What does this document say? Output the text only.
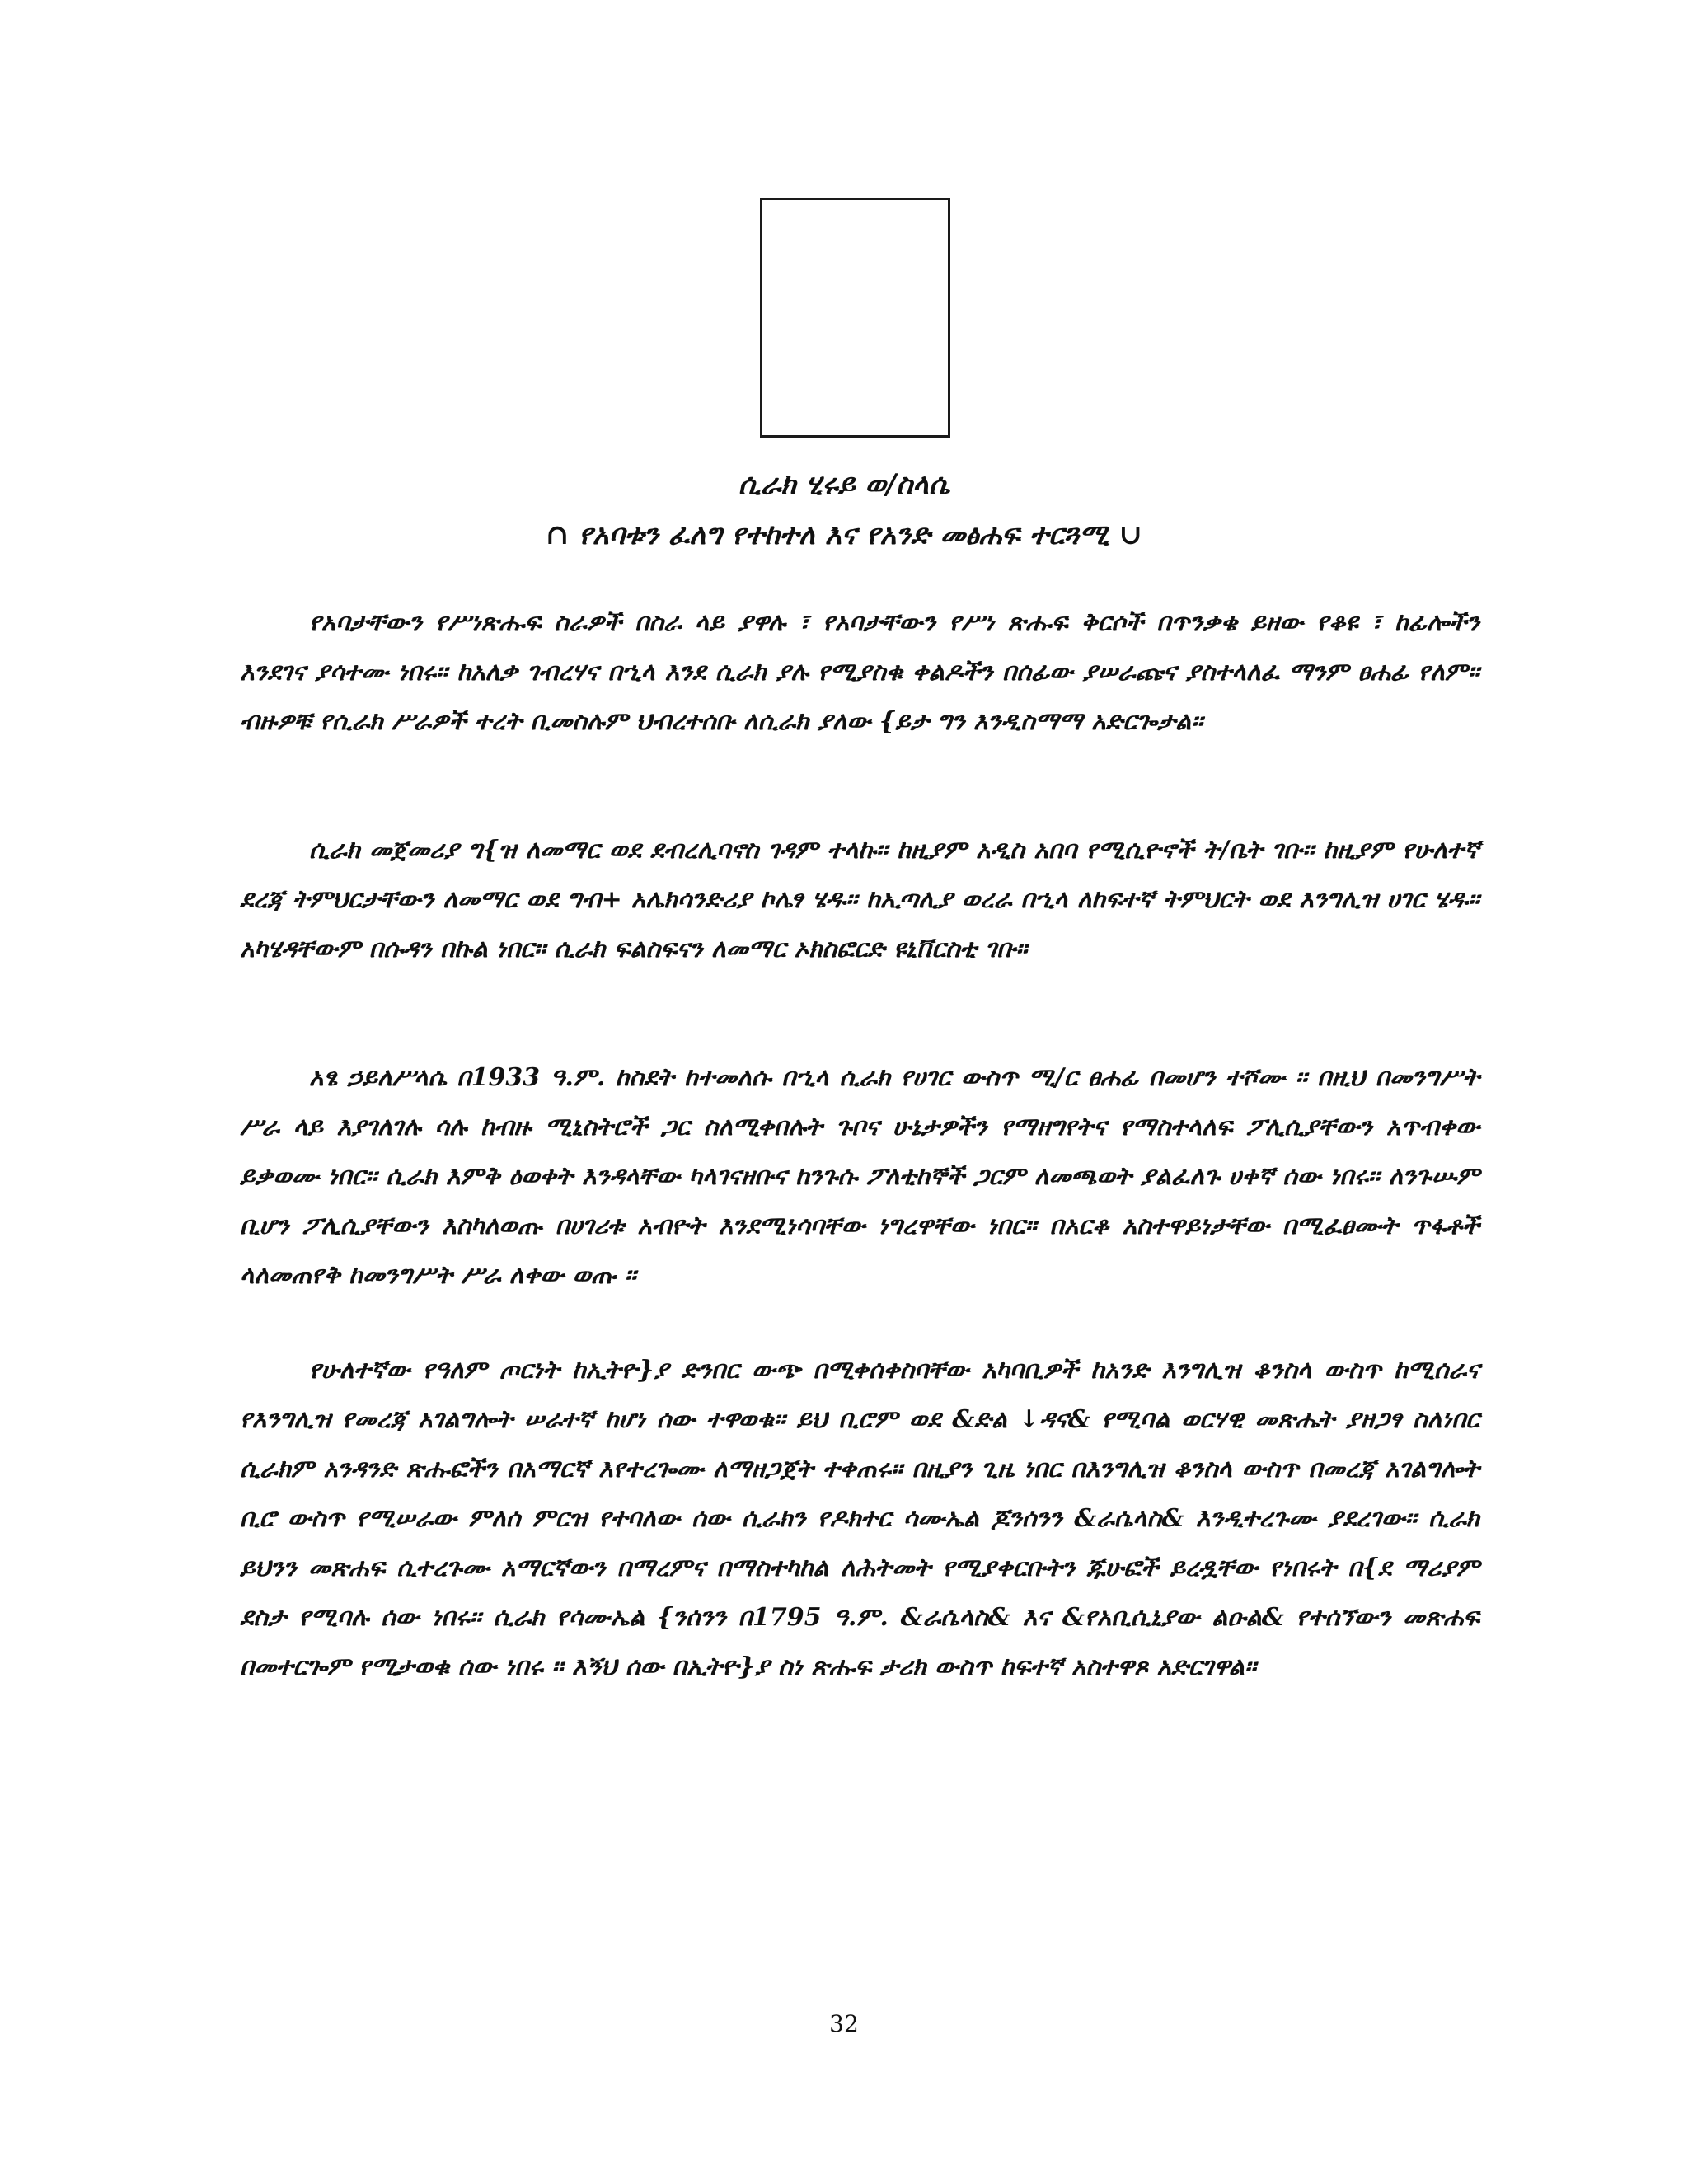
ሲራክ ሂሩይ ወ/ስላሴ
∩ የአባቱን ፈለግ የተከተለ እና የአንድ መፅሐፍ ተርጓሚ ∪

የአባታቸውን የሥነጽሑፍ ስራዎች በስራ ላይ ያዋሉ ፣ የአባታቸውን የሥነ ጽሑፍ ቅርሶች በጥንቃቄ ይዘው የቆዩ ፣ ከፊሎችን እንደገና ያሳተሙ ነበሩ፡፡ ከአለቃ ገብረሃና በኂላ እንደ ሲራክ ያሉ የሚያስቁ ቀልዶችን በሰፊው ያሠራጩና ያስተላለፈ ማንም ፀሐፊ የለም፡፡ ብዙዎቹ የሲራክ ሥራዎች ተረት ቢመስሉም ህብረተሰቡ ለሲራክ ያለው {ይታ ግን እንዲስማማ አድርጐታል፡፡

ሲራክ መጀመሪያ ግ{ዝ ለመማር ወደ ደብረሊባኖስ ገዳም ተላኩ፡፡ ከዚያም አዲስ አበባ የሚሲዮኖች ት/ቤት ገቡ፡፡ ከዚያም የሁለተኛ ደረጃ ትምህርታቸውን ለመማር ወደ ግብ+ አሌክሳንድሪያ ኮሌፃ ሄዱ፡፡ ከኢጣሊያ ወረራ በኂላ ለከፍተኛ ትምህርት ወደ እንግሊዝ ሀገር ሄዱ፡፡ አካሄዳቸውም በሱዳን በኩል ነበር፡፡ ሲራክ ፍልስፍናን ለመማር ኦክስፎርድ ዩኒቨርስቲ ገቡ፡፡

አፄ ኃይለሥላሴ በ1933 ዓ.ም. ከስደት ከተመለሱ በኂላ ሲራክ የሀገር ውስጥ ሚ/ር ፀሐፊ በመሆን ተሾሙ ፡፡ በዚህ በመንግሥት ሥራ ላይ እያገለገሉ ሳሉ ከብዙ ሚኒስትሮች ጋር ስለሚቀበሉት ጉቦና ሁኔታዎችን የማዘግየትና የማስተላለፍ ፖሊሲያቸውን አጥብቀው ይቃወሙ ነበር፡፡ ሲራክ እምቅ ዕወቀት እንዳላቸው ካላገናዘቡና ከንጉሱ ፖለቲከኞች ጋርም ለመጫወት ያልፈለጉ ሀቀኛ ሰው ነበሩ፡፡ ለንጉሡም ቢሆን ፖሊሲያቸውን እስካለወጡ በሀገሪቱ አብዮት እንደሚነሳባቸው ነግረዋቸው ነበር፡፡ በአርቆ አስተዋይነታቸው በሚፈፀሙት ጥፋቶች ላለመጠየቅ ከመንግሥት ሥራ ለቀው ወጡ ፡፡

የሁለተኛው የዓለም ጦርነት ከኢትዮ}ያ ድንበር ውጭ በሚቀሰቀስባቸው አካባቢዎች ከአንድ እንግሊዝ ቆንስላ ውስጥ ከሚሰራና የእንግሊዝ የመረጃ አገልግሎት ሠራተኛ ከሆነ ሰው ተዋወቁ፡፡ ይህ ቢሮም ወደ &ድል ↓ዳና& የሚባል ወርሃዊ መጽሔት ያዘጋፃ ስለነበር ሲራክም አንዳንድ ጽሑፎችን በአማርኛ እየተረጐሙ ለማዘጋጀት ተቀጠሩ፡፡ በዚያን ጊዜ ነበር በእንግሊዝ ቆንስላ ውስጥ በመረጃ አገልግሎት ቢሮ ውስጥ የሚሠራው ምለሰ ምርዝ የተባለው ሰው ሲራክን የዶክተር ሳሙኤል ጆንሰንን &ራሴላስ& እንዲተረጉሙ ያደረገው፡፡ ሲራክ ይህንን መጽሐፍ ሲተረጉሙ አማርኛውን በማረምና በማስተካከል ለሕትመት የሚያቀርቡትን ጁሁፎች ይረዷቸው የነበሩት በ{ደ ማሪያም ደስታ የሚባሉ ሰው ነበሩ፡፡ ሲራክ የሳሙኤል {ንሰንን በ1795 ዓ.ም. &ራሴላስ& እና &የአቢሲኒያው ልዑል& የተሰኘውን መጽሐፍ በመተርጐም የሚታወቁ ሰው ነበሩ ፡፡ እኝህ ሰው በኢትዮ}ያ ስነ ጽሑፍ ታሪክ ውስጥ ከፍተኛ አስተዋጾ አድርገዋል፡፡

32
